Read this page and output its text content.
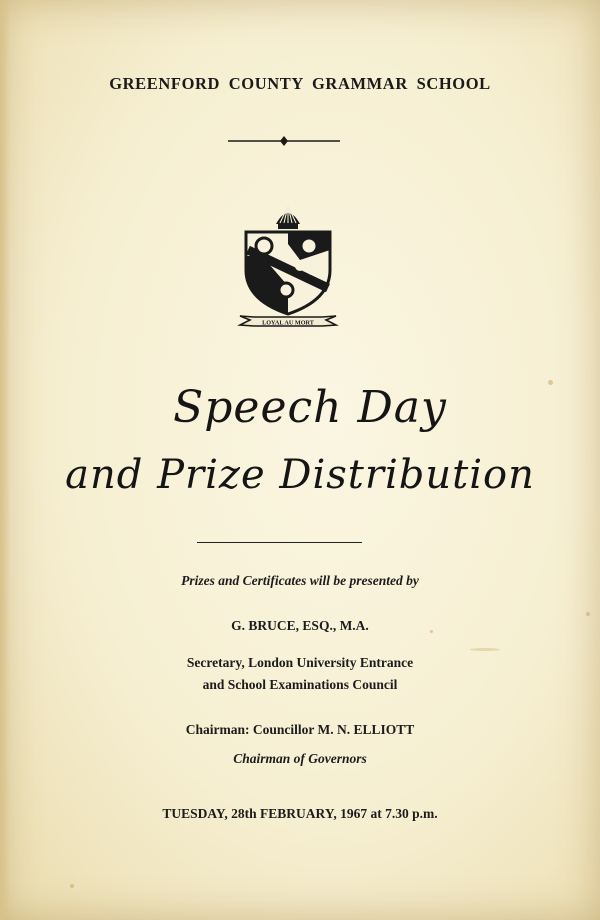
GREENFORD COUNTY GRAMMAR SCHOOL
LOYAL AU MORT
Speech Day
and Prize Distribution
Prizes and Certificates will be presented by
G. BRUCE, ESQ., M.A.
Secretary, London University Entrance
and School Examinations Council
Chairman: Councillor M. N. ELLIOTT
Chairman of Governors
TUESDAY, 28th FEBRUARY, 1967 at 7.30 p.m.
